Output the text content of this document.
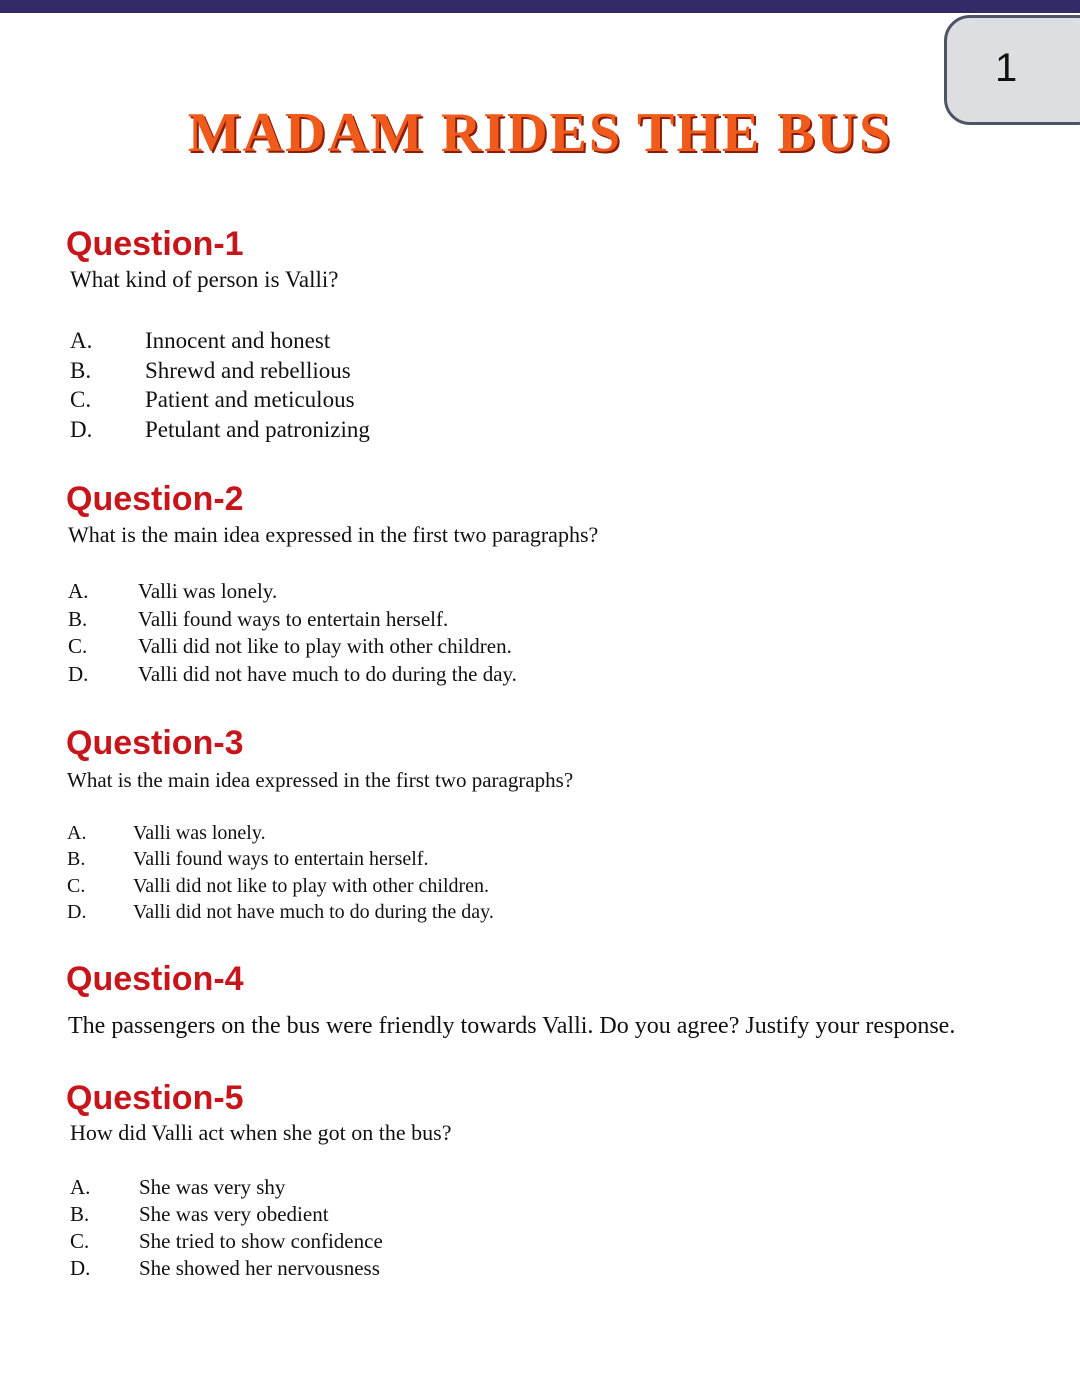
1
MADAM RIDES THE BUS
Question-1

What kind of person is Valli?

A. Innocent and honest
B. Shrewd and rebellious
C. Patient and meticulous
D. Petulant and patronizing
Question-2

What is the main idea expressed in the first two paragraphs?

A. Valli was lonely.
B. Valli found ways to entertain herself.
C. Valli did not like to play with other children.
D. Valli did not have much to do during the day.
Question-3

What is the main idea expressed in the first two paragraphs?

A. Valli was lonely.
B. Valli found ways to entertain herself.
C. Valli did not like to play with other children.
D. Valli did not have much to do during the day.
Question-4

The passengers on the bus were friendly towards Valli. Do you agree? Justify your response.

Question-5

How did Valli act when she got on the bus?

A. She was very shy
B. She was very obedient
C. She tried to show confidence
D. She showed her nervousness
